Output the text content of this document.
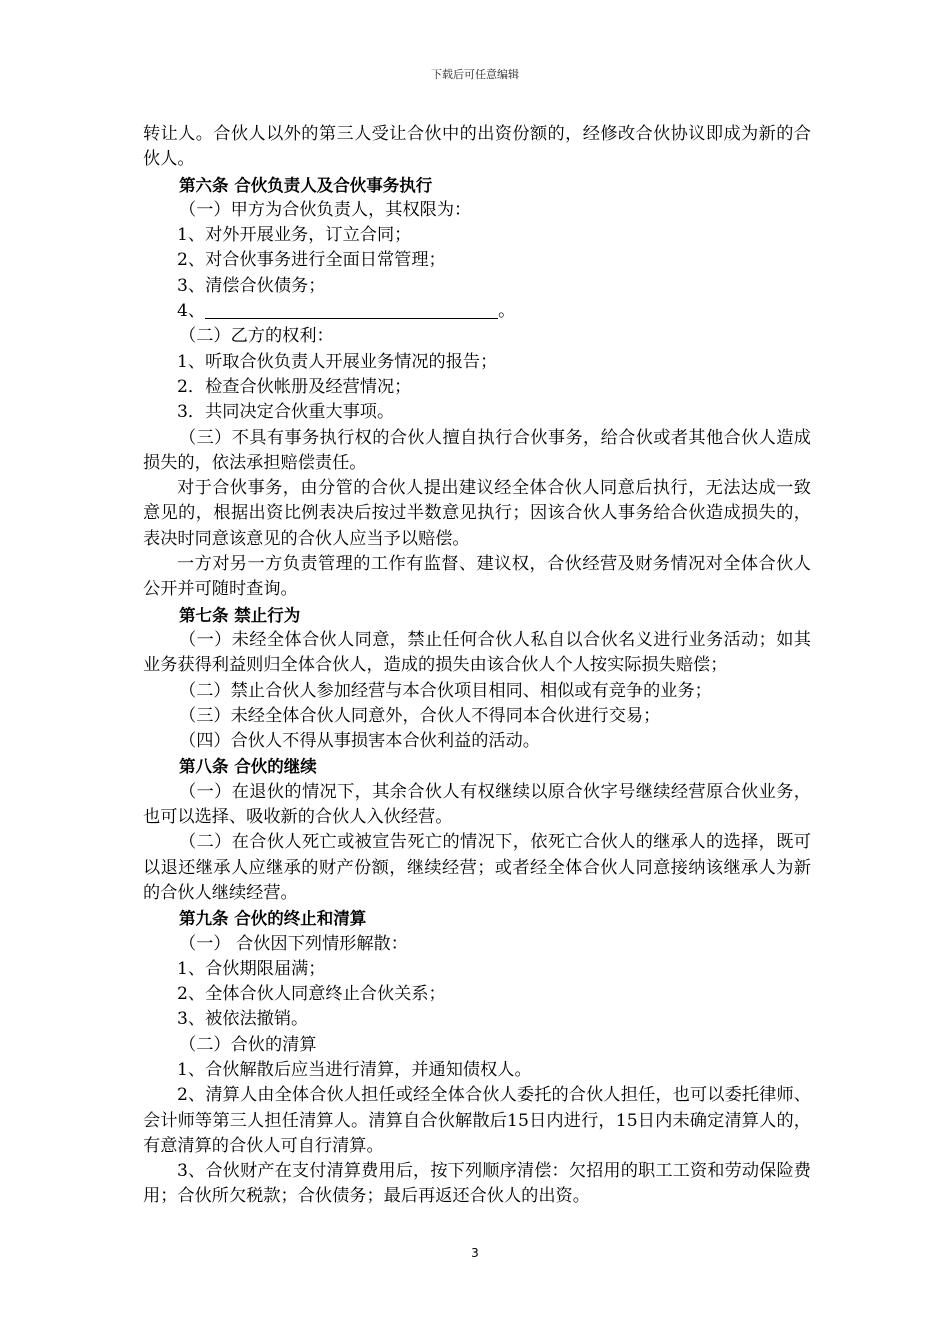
下载后可任意编辑

转让人。合伙人以外的第三人受让合伙中的出资份额的，经修改合伙协议即成为新的合伙人。

第六条 合伙负责人及合伙事务执行

（一）甲方为合伙负责人，其权限为：

1、对外开展业务，订立合同；

2、对合伙事务进行全面日常管理；

3、清偿合伙债务；

4、	。

（二）乙方的权利：

1、听取合伙负责人开展业务情况的报告；

2．检查合伙帐册及经营情况；

3．共同决定合伙重大事项。

（三）不具有事务执行权的合伙人擅自执行合伙事务，给合伙或者其他合伙人造成损失的，依法承担赔偿责任。

对于合伙事务，由分管的合伙人提出建议经全体合伙人同意后执行，无法达成一致意见的，根据出资比例表决后按过半数意见执行；因该合伙人事务给合伙造成损失的，表决时同意该意见的合伙人应当予以赔偿。

一方对另一方负责管理的工作有监督、建议权，合伙经营及财务情况对全体合伙人公开并可随时查询。

第七条 禁止行为

（一）未经全体合伙人同意，禁止任何合伙人私自以合伙名义进行业务活动；如其业务获得利益则归全体合伙人，造成的损失由该合伙人个人按实际损失赔偿；

（二）禁止合伙人参加经营与本合伙项目相同、相似或有竞争的业务；

（三）未经全体合伙人同意外，合伙人不得同本合伙进行交易；

（四）合伙人不得从事损害本合伙利益的活动。

第八条 合伙的继续

（一）在退伙的情况下，其余合伙人有权继续以原合伙字号继续经营原合伙业务，也可以选择、吸收新的合伙人入伙经营。

（二）在合伙人死亡或被宣告死亡的情况下，依死亡合伙人的继承人的选择，既可以退还继承人应继承的财产份额，继续经营；或者经全体合伙人同意接纳该继承人为新的合伙人继续经营。

第九条 合伙的终止和清算

（一） 合伙因下列情形解散：

1、合伙期限届满；

2、全体合伙人同意终止合伙关系；

3、被依法撤销。

（二）合伙的清算

1、合伙解散后应当进行清算，并通知债权人。

2、清算人由全体合伙人担任或经全体合伙人委托的合伙人担任，也可以委托律师、会计师等第三人担任清算人。清算自合伙解散后15日内进行，15日内未确定清算人的，有意清算的合伙人可自行清算。

3、合伙财产在支付清算费用后，按下列顺序清偿：欠招用的职工工资和劳动保险费用；合伙所欠税款；合伙债务；最后再返还合伙人的出资。

3
